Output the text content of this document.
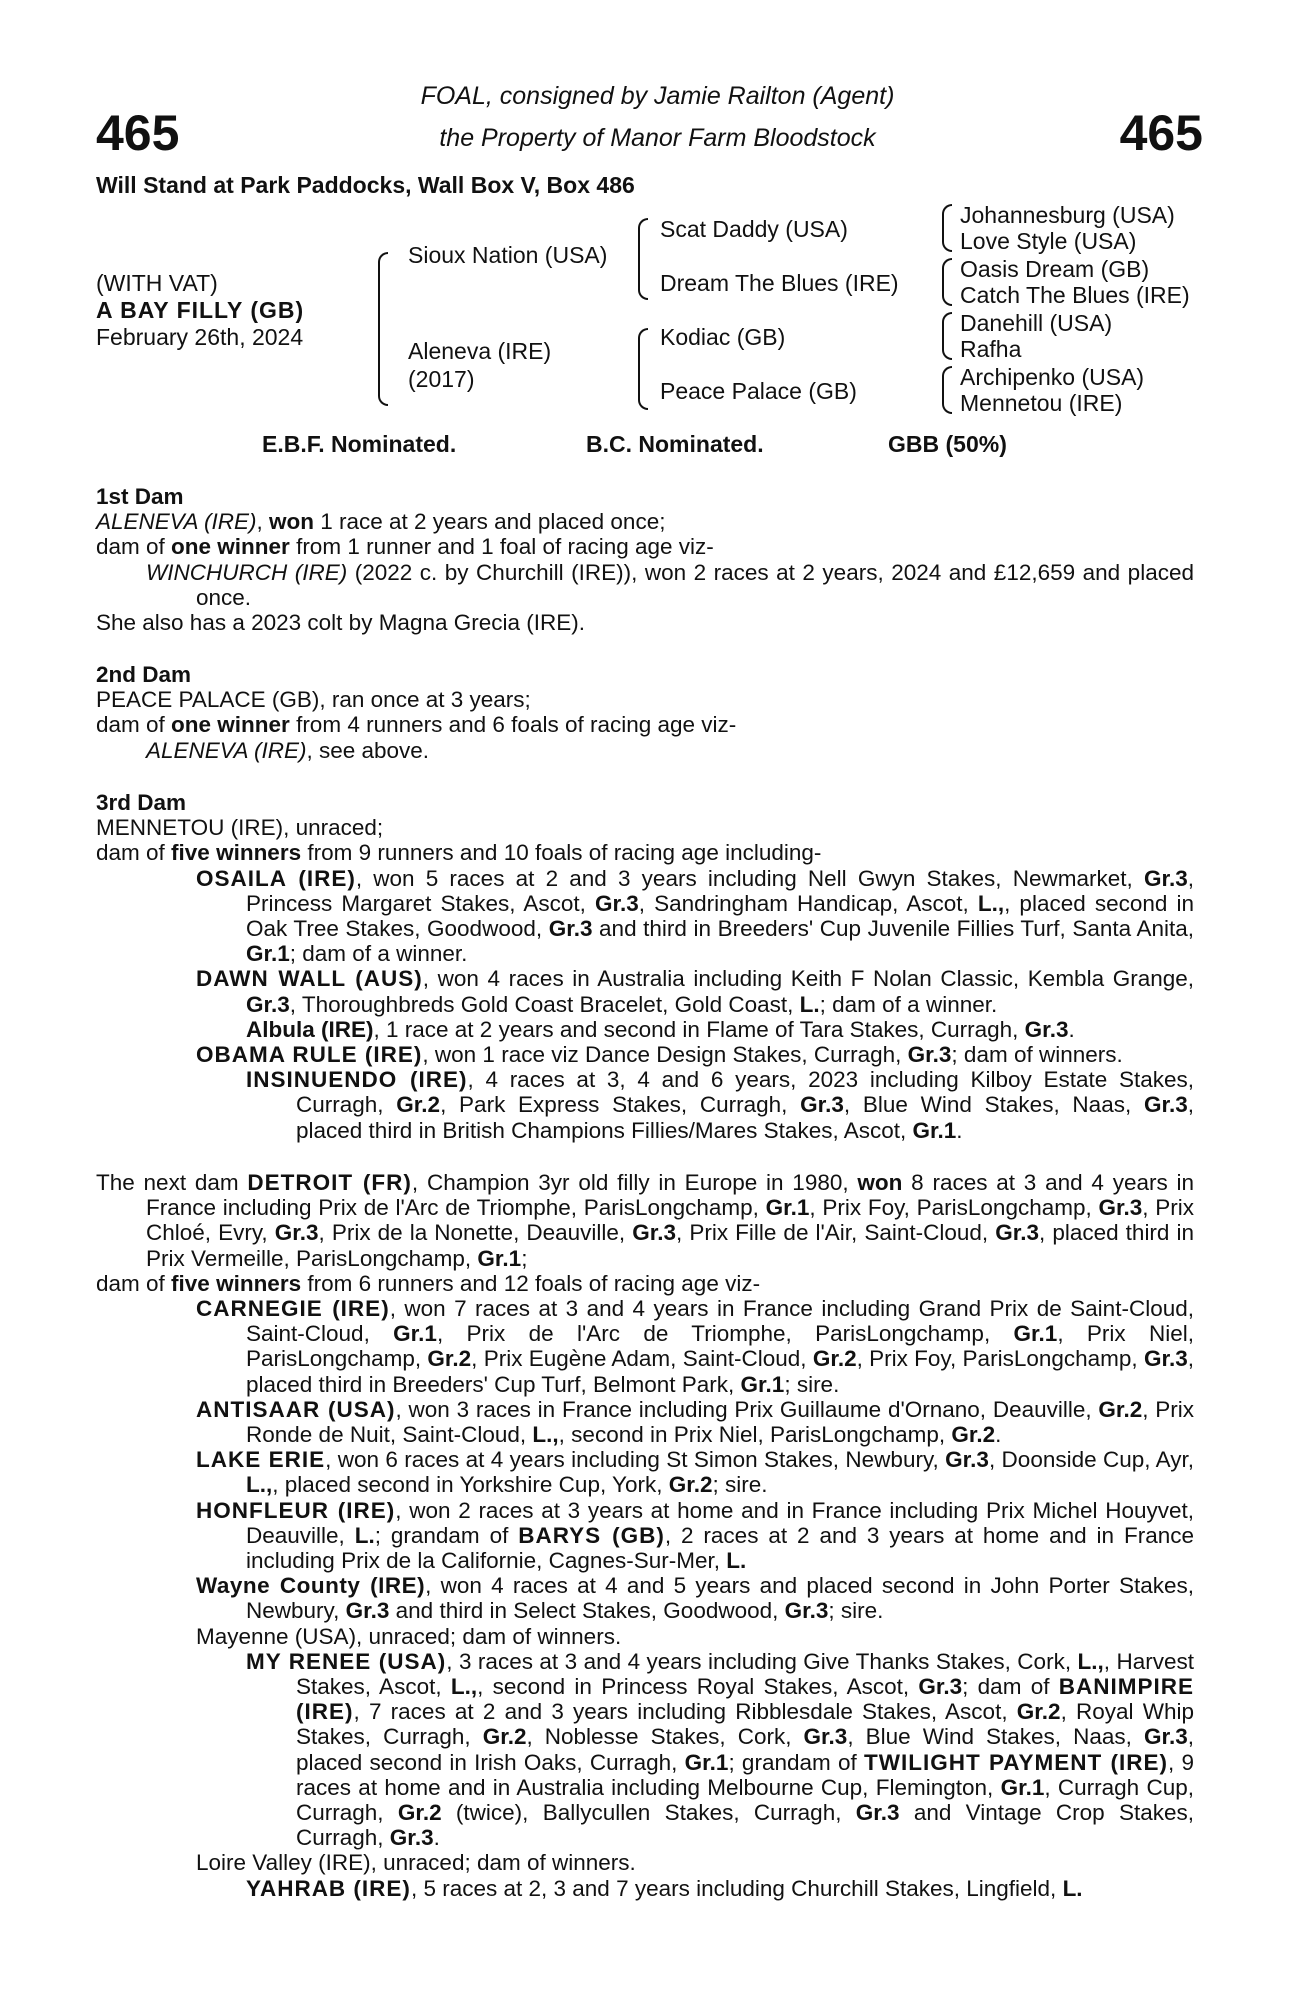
465	465
FOAL, consigned by Jamie Railton (Agent)
the Property of Manor Farm Bloodstock
Will Stand at Park Paddocks, Wall Box V, Box 486
(WITH VAT)
A BAY FILLY (GB)
February 26th, 2024
Sioux Nation (USA)
Aleneva (IRE)
(2017)
Scat Daddy (USA)
Dream The Blues (IRE)
Kodiac (GB)
Peace Palace (GB)
Johannesburg (USA)
Love Style (USA)
Oasis Dream (GB)
Catch The Blues (IRE)
Danehill (USA)
Rafha
Archipenko (USA)
Mennetou (IRE)
E.B.F. Nominated.	B.C. Nominated.	GBB (50%)

1st Dam

ALENEVA (IRE), won 1 race at 2 years and placed once;

dam of one winner from 1 runner and 1 foal of racing age viz-

WINCHURCH (IRE) (2022 c. by Churchill (IRE)), won 2 races at 2 years, 2024 and £12,659 and placed once.

She also has a 2023 colt by Magna Grecia (IRE).

2nd Dam

PEACE PALACE (GB), ran once at 3 years;

dam of one winner from 4 runners and 6 foals of racing age viz-

ALENEVA (IRE), see above.

3rd Dam

MENNETOU (IRE), unraced;

dam of five winners from 9 runners and 10 foals of racing age including-

OSAILA (IRE), won 5 races at 2 and 3 years including Nell Gwyn Stakes, Newmarket, Gr.3, Princess Margaret Stakes, Ascot, Gr.3, Sandringham Handicap, Ascot, L.,, placed second in Oak Tree Stakes, Goodwood, Gr.3 and third in Breeders' Cup Juvenile Fillies Turf, Santa Anita, Gr.1; dam of a winner.

DAWN WALL (AUS), won 4 races in Australia including Keith F Nolan Classic, Kembla Grange, Gr.3, Thoroughbreds Gold Coast Bracelet, Gold Coast, L.; dam of a winner.

Albula (IRE), 1 race at 2 years and second in Flame of Tara Stakes, Curragh, Gr.3.

OBAMA RULE (IRE), won 1 race viz Dance Design Stakes, Curragh, Gr.3; dam of winners.

INSINUENDO (IRE), 4 races at 3, 4 and 6 years, 2023 including Kilboy Estate Stakes, Curragh, Gr.2, Park Express Stakes, Curragh, Gr.3, Blue Wind Stakes, Naas, Gr.3, placed third in British Champions Fillies/Mares Stakes, Ascot, Gr.1.

The next dam DETROIT (FR), Champion 3yr old filly in Europe in 1980, won 8 races at 3 and 4 years in France including Prix de l'Arc de Triomphe, ParisLongchamp, Gr.1, Prix Foy, ParisLongchamp, Gr.3, Prix Chloé, Evry, Gr.3, Prix de la Nonette, Deauville, Gr.3, Prix Fille de l'Air, Saint-Cloud, Gr.3, placed third in Prix Vermeille, ParisLongchamp, Gr.1;

dam of five winners from 6 runners and 12 foals of racing age viz-

CARNEGIE (IRE), won 7 races at 3 and 4 years in France including Grand Prix de Saint-Cloud, Saint-Cloud, Gr.1, Prix de l'Arc de Triomphe, ParisLongchamp, Gr.1, Prix Niel, ParisLongchamp, Gr.2, Prix Eugène Adam, Saint-Cloud, Gr.2, Prix Foy, ParisLongchamp, Gr.3, placed third in Breeders' Cup Turf, Belmont Park, Gr.1; sire.

ANTISAAR (USA), won 3 races in France including Prix Guillaume d'Ornano, Deauville, Gr.2, Prix Ronde de Nuit, Saint-Cloud, L.,, second in Prix Niel, ParisLongchamp, Gr.2.

LAKE ERIE, won 6 races at 4 years including St Simon Stakes, Newbury, Gr.3, Doonside Cup, Ayr, L.,, placed second in Yorkshire Cup, York, Gr.2; sire.

HONFLEUR (IRE), won 2 races at 3 years at home and in France including Prix Michel Houyvet, Deauville, L.; grandam of BARYS (GB), 2 races at 2 and 3 years at home and in France including Prix de la Californie, Cagnes-Sur-Mer, L.

Wayne County (IRE), won 4 races at 4 and 5 years and placed second in John Porter Stakes, Newbury, Gr.3 and third in Select Stakes, Goodwood, Gr.3; sire.

Mayenne (USA), unraced; dam of winners.

MY RENEE (USA), 3 races at 3 and 4 years including Give Thanks Stakes, Cork, L.,, Harvest Stakes, Ascot, L.,, second in Princess Royal Stakes, Ascot, Gr.3; dam of BANIMPIRE (IRE), 7 races at 2 and 3 years including Ribblesdale Stakes, Ascot, Gr.2, Royal Whip Stakes, Curragh, Gr.2, Noblesse Stakes, Cork, Gr.3, Blue Wind Stakes, Naas, Gr.3, placed second in Irish Oaks, Curragh, Gr.1; grandam of TWILIGHT PAYMENT (IRE), 9 races at home and in Australia including Melbourne Cup, Flemington, Gr.1, Curragh Cup, Curragh, Gr.2 (twice), Ballycullen Stakes, Curragh, Gr.3 and Vintage Crop Stakes, Curragh, Gr.3.

Loire Valley (IRE), unraced; dam of winners.

YAHRAB (IRE), 5 races at 2, 3 and 7 years including Churchill Stakes, Lingfield, L.
